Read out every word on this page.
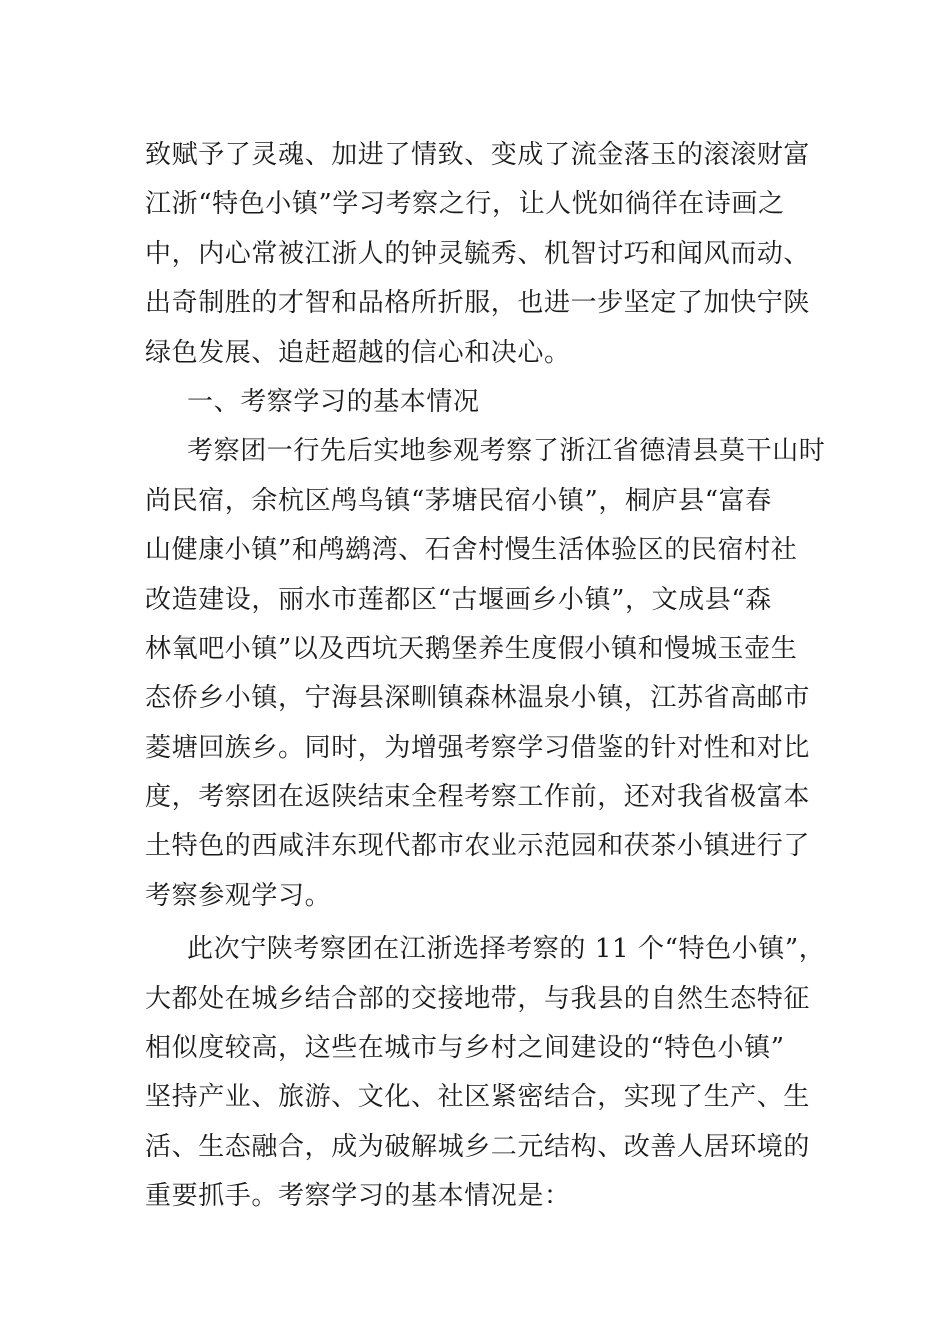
致赋予了灵魂、加进了情致、变成了流金落玉的滚滚财富
江浙“特色小镇”学习考察之行，让人恍如徜徉在诗画之
中，内心常被江浙人的钟灵毓秀、机智讨巧和闻风而动、
出奇制胜的才智和品格所折服，也进一步坚定了加快宁陕
绿色发展、追赶超越的信心和决心。
一、考察学习的基本情况
考察团一行先后实地参观考察了浙江省德清县莫干山时
尚民宿，余杭区鸬鸟镇“茅塘民宿小镇”，桐庐县“富春
山健康小镇”和鸬鹚湾、石舍村慢生活体验区的民宿村社
改造建设，丽水市莲都区“古堰画乡小镇”，文成县“森
林氧吧小镇”以及西坑天鹅堡养生度假小镇和慢城玉壶生
态侨乡小镇，宁海县深甽镇森林温泉小镇，江苏省高邮市
菱塘回族乡。同时，为增强考察学习借鉴的针对性和对比
度，考察团在返陕结束全程考察工作前，还对我省极富本
土特色的西咸沣东现代都市农业示范园和茯茶小镇进行了
考察参观学习。
此次宁陕考察团在江浙选择考察的 11 个“特色小镇”，
大都处在城乡结合部的交接地带，与我县的自然生态特征
相似度较高，这些在城市与乡村之间建设的“特色小镇”
坚持产业、旅游、文化、社区紧密结合，实现了生产、生
活、生态融合，成为破解城乡二元结构、改善人居环境的
重要抓手。考察学习的基本情况是：
